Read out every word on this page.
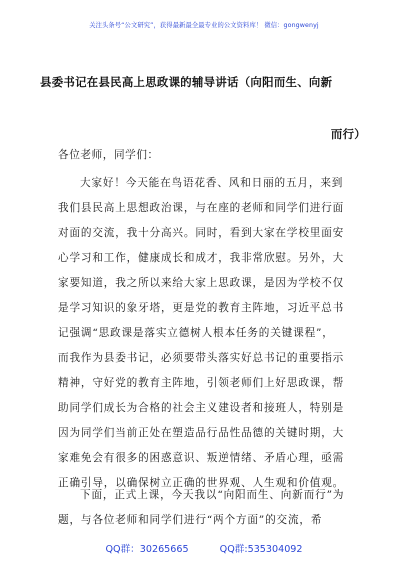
关注头条号“公文研究”，获得最新最全最专业的公文资料库！ 微信：gongwenyj
县委书记在县民高上思政课的辅导讲话（向阳而生、向新
而行）
各位老师，同学们：
大家好！今天能在鸟语花香、风和日丽的五月，来到
我们县民高上思想政治课，与在座的老师和同学们进行面
对面的交流，我十分高兴。同时，看到大家在学校里面安
心学习和工作，健康成长和成才，我非常欣慰。另外，大
家要知道，我之所以来给大家上思政课，是因为学校不仅
是学习知识的象牙塔，更是党的教育主阵地，习近平总书
记强调“思政课是落实立德树人根本任务的关键课程”，
而我作为县委书记，必须要带头落实好总书记的重要指示
精神，守好党的教育主阵地，引领老师们上好思政课，帮
助同学们成长为合格的社会主义建设者和接班人，特别是
因为同学们当前正处在塑造品行品性品德的关键时期，大
家难免会有很多的困惑意识、叛逆情绪、矛盾心理，亟需
正确引导，以确保树立正确的世界观、人生观和价值观。
下面，正式上课，今天我以“向阳而生、向新而行”为
题，与各位老师和同学们进行“两个方面”的交流，希
QQ群：30265665	QQ群:535304092
